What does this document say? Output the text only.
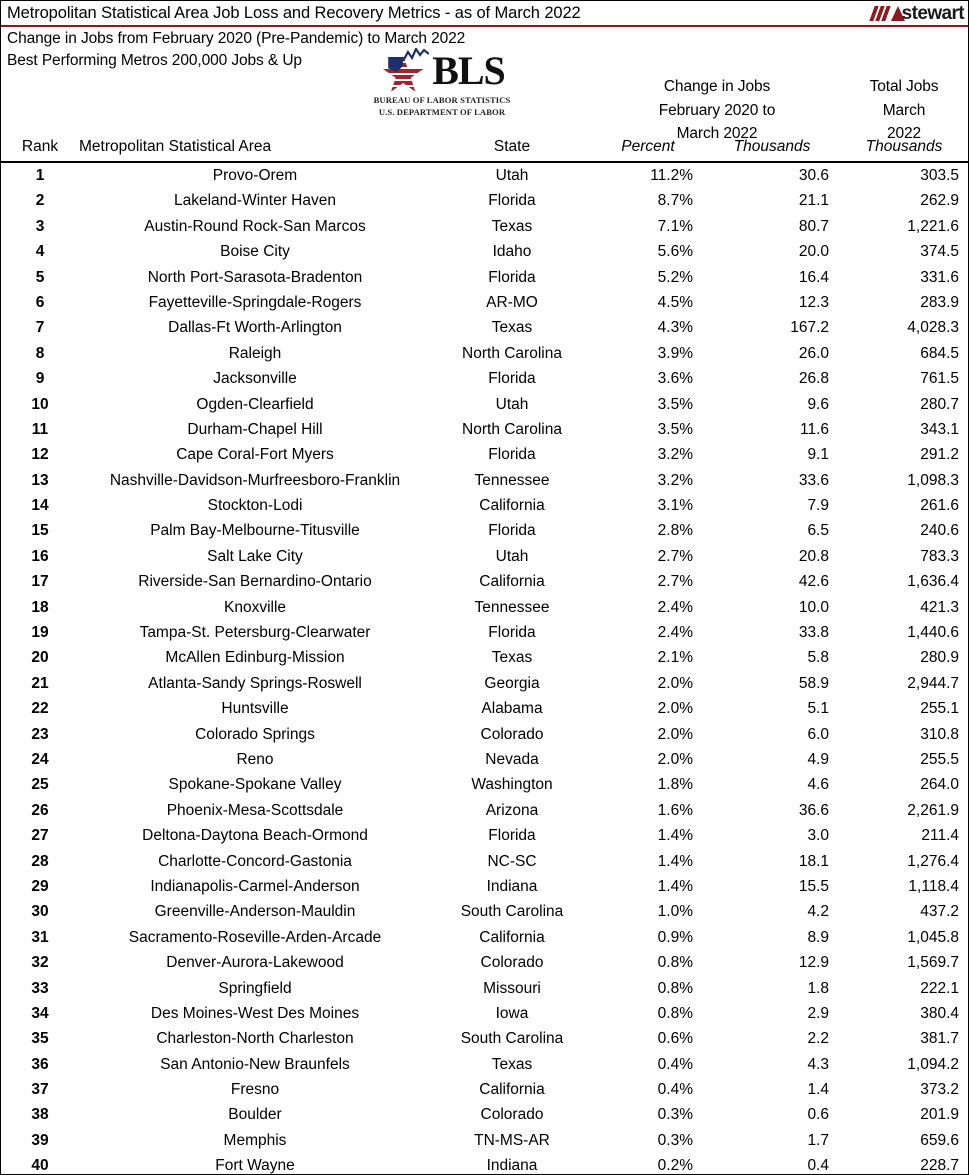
Metropolitan Statistical Area Job Loss and Recovery Metrics - as of March 2022	stewart
Change in Jobs from February 2020 (Pre-Pandemic) to March 2022
Best Performing Metros 200,000 Jobs & Up	BLS
BUREAU OF LABOR STATISTICS
U.S. DEPARTMENT OF LABOR
Change in Jobs
February 2020 to
March 2022
Total Jobs
March
2022
Rank	Metropolitan Statistical Area	State	Percent	Thousands	Thousands
1	Provo-Orem	Utah	11.2%	30.6	303.5
2	Lakeland-Winter Haven	Florida	8.7%	21.1	262.9
3	Austin-Round Rock-San Marcos	Texas	7.1%	80.7	1,221.6
4	Boise City	Idaho	5.6%	20.0	374.5
5	North Port-Sarasota-Bradenton	Florida	5.2%	16.4	331.6
6	Fayetteville-Springdale-Rogers	AR-MO	4.5%	12.3	283.9
7	Dallas-Ft Worth-Arlington	Texas	4.3%	167.2	4,028.3
8	Raleigh	North Carolina	3.9%	26.0	684.5
9	Jacksonville	Florida	3.6%	26.8	761.5
10	Ogden-Clearfield	Utah	3.5%	9.6	280.7
11	Durham-Chapel Hill	North Carolina	3.5%	11.6	343.1
12	Cape Coral-Fort Myers	Florida	3.2%	9.1	291.2
13	Nashville-Davidson-Murfreesboro-Franklin	Tennessee	3.2%	33.6	1,098.3
14	Stockton-Lodi	California	3.1%	7.9	261.6
15	Palm Bay-Melbourne-Titusville	Florida	2.8%	6.5	240.6
16	Salt Lake City	Utah	2.7%	20.8	783.3
17	Riverside-San Bernardino-Ontario	California	2.7%	42.6	1,636.4
18	Knoxville	Tennessee	2.4%	10.0	421.3
19	Tampa-St. Petersburg-Clearwater	Florida	2.4%	33.8	1,440.6
20	McAllen Edinburg-Mission	Texas	2.1%	5.8	280.9
21	Atlanta-Sandy Springs-Roswell	Georgia	2.0%	58.9	2,944.7
22	Huntsville	Alabama	2.0%	5.1	255.1
23	Colorado Springs	Colorado	2.0%	6.0	310.8
24	Reno	Nevada	2.0%	4.9	255.5
25	Spokane-Spokane Valley	Washington	1.8%	4.6	264.0
26	Phoenix-Mesa-Scottsdale	Arizona	1.6%	36.6	2,261.9
27	Deltona-Daytona Beach-Ormond	Florida	1.4%	3.0	211.4
28	Charlotte-Concord-Gastonia	NC-SC	1.4%	18.1	1,276.4
29	Indianapolis-Carmel-Anderson	Indiana	1.4%	15.5	1,118.4
30	Greenville-Anderson-Mauldin	South Carolina	1.0%	4.2	437.2
31	Sacramento-Roseville-Arden-Arcade	California	0.9%	8.9	1,045.8
32	Denver-Aurora-Lakewood	Colorado	0.8%	12.9	1,569.7
33	Springfield	Missouri	0.8%	1.8	222.1
34	Des Moines-West Des Moines	Iowa	0.8%	2.9	380.4
35	Charleston-North Charleston	South Carolina	0.6%	2.2	381.7
36	San Antonio-New Braunfels	Texas	0.4%	4.3	1,094.2
37	Fresno	California	0.4%	1.4	373.2
38	Boulder	Colorado	0.3%	0.6	201.9
39	Memphis	TN-MS-AR	0.3%	1.7	659.6
40	Fort Wayne	Indiana	0.2%	0.4	228.7
